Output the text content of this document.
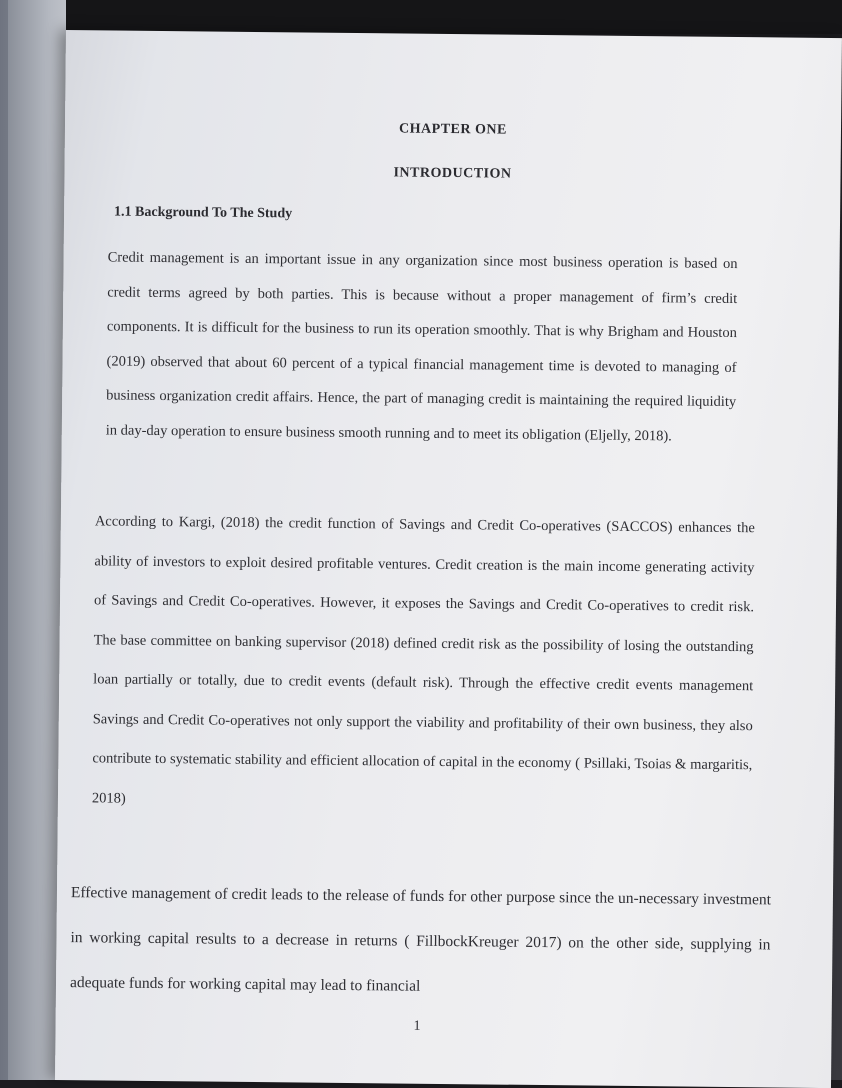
CHAPTER ONE
INTRODUCTION
1.1 Background To The Study
Credit management is an important issue in any organization since most business operation is based on credit terms agreed by both parties. This is because without a proper management of firm’s credit components. It is difficult for the business to run its operation smoothly. That is why Brigham and Houston (2019) observed that about 60 percent of a typical financial management time is devoted to managing of business organization credit affairs. Hence, the part of managing credit is maintaining the required liquidity in day-day operation to ensure business smooth running and to meet its obligation (Eljelly, 2018).
According to Kargi, (2018) the credit function of Savings and Credit Co-operatives (SACCOS) enhances the ability of investors to exploit desired profitable ventures. Credit creation is the main income generating activity of Savings and Credit Co-operatives. However, it exposes the Savings and Credit Co-operatives to credit risk. The base committee on banking supervisor (2018) defined credit risk as the possibility of losing the outstanding loan partially or totally, due to credit events (default risk). Through the effective credit events management Savings and Credit Co-operatives not only support the viability and profitability of their own business, they also contribute to systematic stability and efficient allocation of capital in the economy ( Psillaki, Tsoias & margaritis, 2018)
Effective management of credit leads to the release of funds for other purpose since the un-necessary investment in working capital results to a decrease in returns ( FillbockKreuger 2017) on the other side, supplying in adequate funds for working capital may lead to financial
1
